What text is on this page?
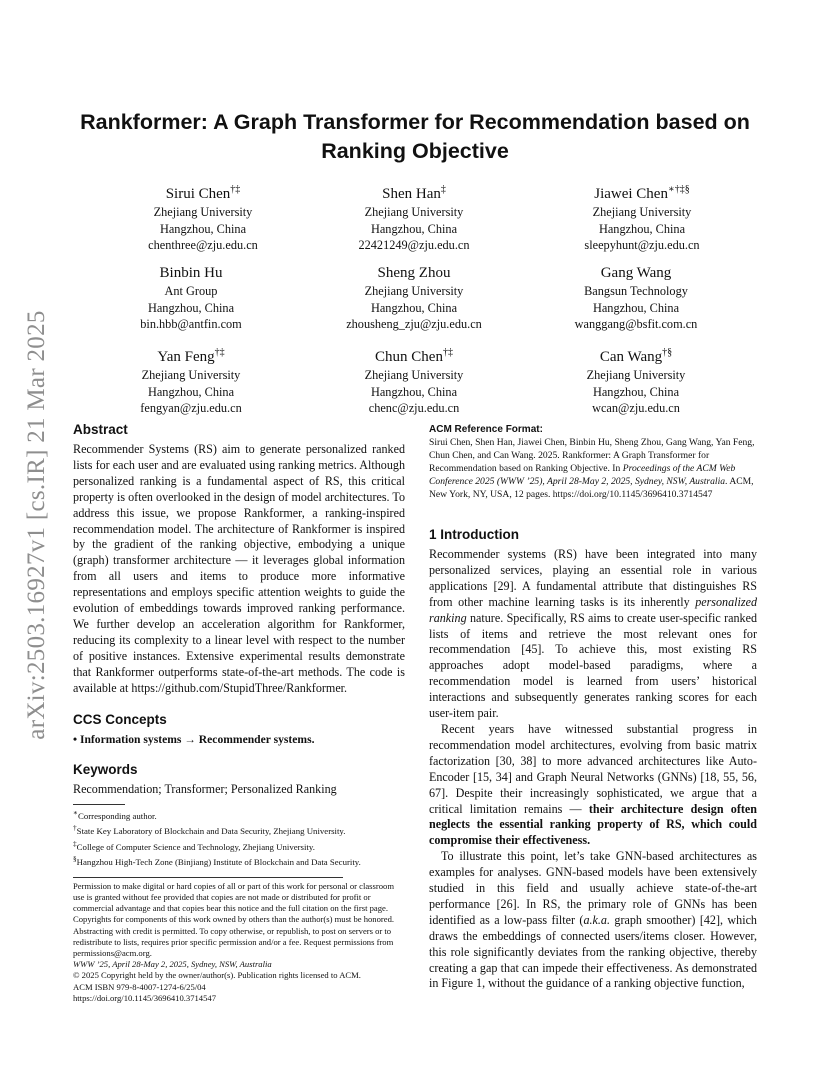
arXiv:2503.16927v1 [cs.IR] 21 Mar 2025
Rankformer: A Graph Transformer for Recommendation based on Ranking Objective
Sirui Chen†‡
Zhejiang University
Hangzhou, China
chenthree@zju.edu.cn
Shen Han‡
Zhejiang University
Hangzhou, China
22421249@zju.edu.cn
Jiawei Chen∗†‡§
Zhejiang University
Hangzhou, China
sleepyhunt@zju.edu.cn
Binbin Hu
Ant Group
Hangzhou, China
bin.hbb@antfin.com
Sheng Zhou
Zhejiang University
Hangzhou, China
zhousheng_zju@zju.edu.cn
Gang Wang
Bangsun Technology
Hangzhou, China
wanggang@bsfit.com.cn
Yan Feng†‡
Zhejiang University
Hangzhou, China
fengyan@zju.edu.cn
Chun Chen†‡
Zhejiang University
Hangzhou, China
chenc@zju.edu.cn
Can Wang†§
Zhejiang University
Hangzhou, China
wcan@zju.edu.cn
Abstract

Recommender Systems (RS) aim to generate personalized ranked lists for each user and are evaluated using ranking metrics. Although personalized ranking is a fundamental aspect of RS, this critical property is often overlooked in the design of model architectures. To address this issue, we propose Rankformer, a ranking-inspired recommendation model. The architecture of Rankformer is inspired by the gradient of the ranking objective, embodying a unique (graph) transformer architecture — it leverages global information from all users and items to produce more informative representations and employs specific attention weights to guide the evolution of embeddings towards improved ranking performance. We further develop an acceleration algorithm for Rankformer, reducing its complexity to a linear level with respect to the number of positive instances. Extensive experimental results demonstrate that Rankformer outperforms state-of-the-art methods. The code is available at https://github.com/StupidThree/Rankformer.

CCS Concepts

• Information systems → Recommender systems.

Keywords

Recommendation; Transformer; Personalized Ranking

∗Corresponding author.
†State Key Laboratory of Blockchain and Data Security, Zhejiang University.
‡College of Computer Science and Technology, Zhejiang University.
§Hangzhou High-Tech Zone (Binjiang) Institute of Blockchain and Data Security.
Permission to make digital or hard copies of all or part of this work for personal or classroom use is granted without fee provided that copies are not made or distributed for profit or commercial advantage and that copies bear this notice and the full citation on the first page. Copyrights for components of this work owned by others than the author(s) must be honored. Abstracting with credit is permitted. To copy otherwise, or republish, to post on servers or to redistribute to lists, requires prior specific permission and/or a fee. Request permissions from permissions@acm.org.
WWW ’25, April 28-May 2, 2025, Sydney, NSW, Australia
© 2025 Copyright held by the owner/author(s). Publication rights licensed to ACM.
ACM ISBN 979-8-4007-1274-6/25/04
https://doi.org/10.1145/3696410.3714547
ACM Reference Format:
Sirui Chen, Shen Han, Jiawei Chen, Binbin Hu, Sheng Zhou, Gang Wang, Yan Feng, Chun Chen, and Can Wang. 2025. Rankformer: A Graph Transformer for Recommendation based on Ranking Objective. In Proceedings of the ACM Web Conference 2025 (WWW ’25), April 28-May 2, 2025, Sydney, NSW, Australia. ACM, New York, NY, USA, 12 pages. https://doi.org/10.1145/3696410.3714547
1 Introduction

Recommender systems (RS) have been integrated into many personalized services, playing an essential role in various applications [29]. A fundamental attribute that distinguishes RS from other machine learning tasks is its inherently personalized ranking nature. Specifically, RS aims to create user-specific ranked lists of items and retrieve the most relevant ones for recommendation [45]. To achieve this, most existing RS approaches adopt model-based paradigms, where a recommendation model is learned from users’ historical interactions and subsequently generates ranking scores for each user-item pair.

Recent years have witnessed substantial progress in recommendation model architectures, evolving from basic matrix factorization [30, 38] to more advanced architectures like Auto-Encoder [15, 34] and Graph Neural Networks (GNNs) [18, 55, 56, 67]. Despite their increasingly sophisticated, we argue that a critical limitation remains — their architecture design often neglects the essential ranking property of RS, which could compromise their effectiveness.

To illustrate this point, let’s take GNN-based architectures as examples for analyses. GNN-based models have been extensively studied in this field and usually achieve state-of-the-art performance [26]. In RS, the primary role of GNNs has been identified as a low-pass filter (a.k.a. graph smoother) [42], which draws the embeddings of connected users/items closer. However, this role significantly deviates from the ranking objective, thereby creating a gap that can impede their effectiveness. As demonstrated in Figure 1, without the guidance of a ranking objective function,
